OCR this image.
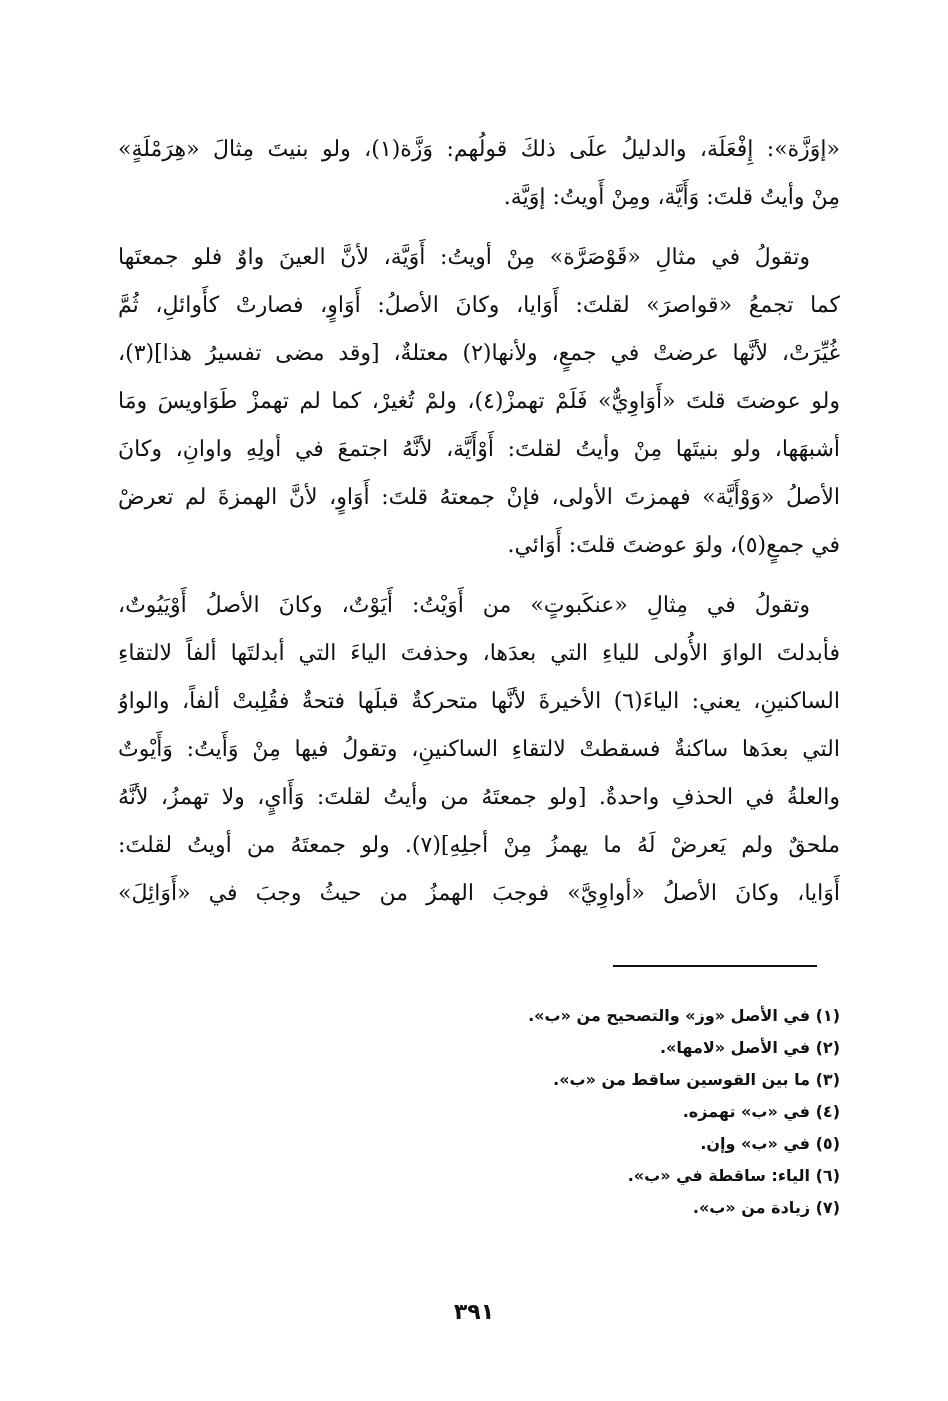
«إوَزَّة»: إِفْعَلَة، والدليلُ علَى ذلكَ قولُهم: وَزَّة(١)، ولو بنيتَ مِثالَ «هِرَمْلَةٍ»
مِنْ وأيتُ قلتَ: وَأَيَّة، ومِنْ أَويتُ: إوَيَّة.

وتقولُ في مثالِ «قَوْصَرَّة» مِنْ أويتُ: أَوَيَّة، لأنَّ العينَ واوٌ فلو جمعتَها
كما تجمعُ «قواصرَ» لقلتَ: أَوَايا، وكانَ الأصلُ: أَوَاوٍ، فصارتْ كأَوائلِ، ثُمَّ
غُيِّرَتْ، لأنَّها عرضتْ في جمعٍ، ولأنها(٢) معتلةٌ، [وقد مضى تفسيرُ هذا](٣)،
ولو عوضتَ قلتَ «أَوَاوِيٌّ» فَلَمْ تهمزْ(٤)، ولمْ تُغيرْ، كما لم تهمزْ طَوَاويسَ ومَا
أشبهَها، ولو بنيتَها مِنْ وأيتُ لقلتَ: أَوْأَيَّة، لأنَّهُ اجتمعَ في أولِهِ واوانِ، وكانَ
الأصلُ «وَوْأَيَّة» فهمزتَ الأولى، فإنْ جمعتهُ قلتَ: أَوَاوٍ، لأنَّ الهمزةَ لم تعرضْ
في جمعٍ(٥)، ولوَ عوضتَ قلتَ: أَوَائي.

وتقولُ في مِثالِ «عنكَبوتٍ» من أَوَيْتُ: أَيَوْتٌ، وكانَ الأصلُ أَوْيَيُوتٌ،
فأبدلتَ الواوَ الأُولى للياءِ التي بعدَها، وحذفتَ الياءَ التي أبدلتَها ألفاً لالتقاءِ
الساكنينِ، يعني: الياءَ(٦) الأخيرةَ لأنَّها متحركةٌ قبلَها فتحةٌ فقُلِبتْ ألفاً، والواوُ
التي بعدَها ساكنةٌ فسقطتْ لالتقاءِ الساكنينِ، وتقولُ فيها مِنْ وَأَيتُ: وَأَيْوتٌ
والعلةُ في الحذفِ واحدةٌ. [ولو جمعتَهُ من وأيتُ لقلتَ: وَأَايٍ، ولا تهمزُ، لأنَّهُ
ملحقٌ ولم يَعرضْ لَهُ ما يهمزُ مِنْ أجلِهِ](٧). ولو جمعتَهُ من أويتُ لقلتَ:
أَوَايا، وكانَ الأصلُ «أواوِيَّ» فوجبَ الهمزُ من حيثُ وجبَ في «أَوَائِلَ»

(١) في الأصل «وز» والتصحيح من «ب».
(٢) في الأصل «لامها».
(٣) ما بين القوسين ساقط من «ب».
(٤) في «ب» تهمزه.
(٥) في «ب» وإن.
(٦) الياء: ساقطة في «ب».
(٧) زيادة من «ب».
٣٩١
